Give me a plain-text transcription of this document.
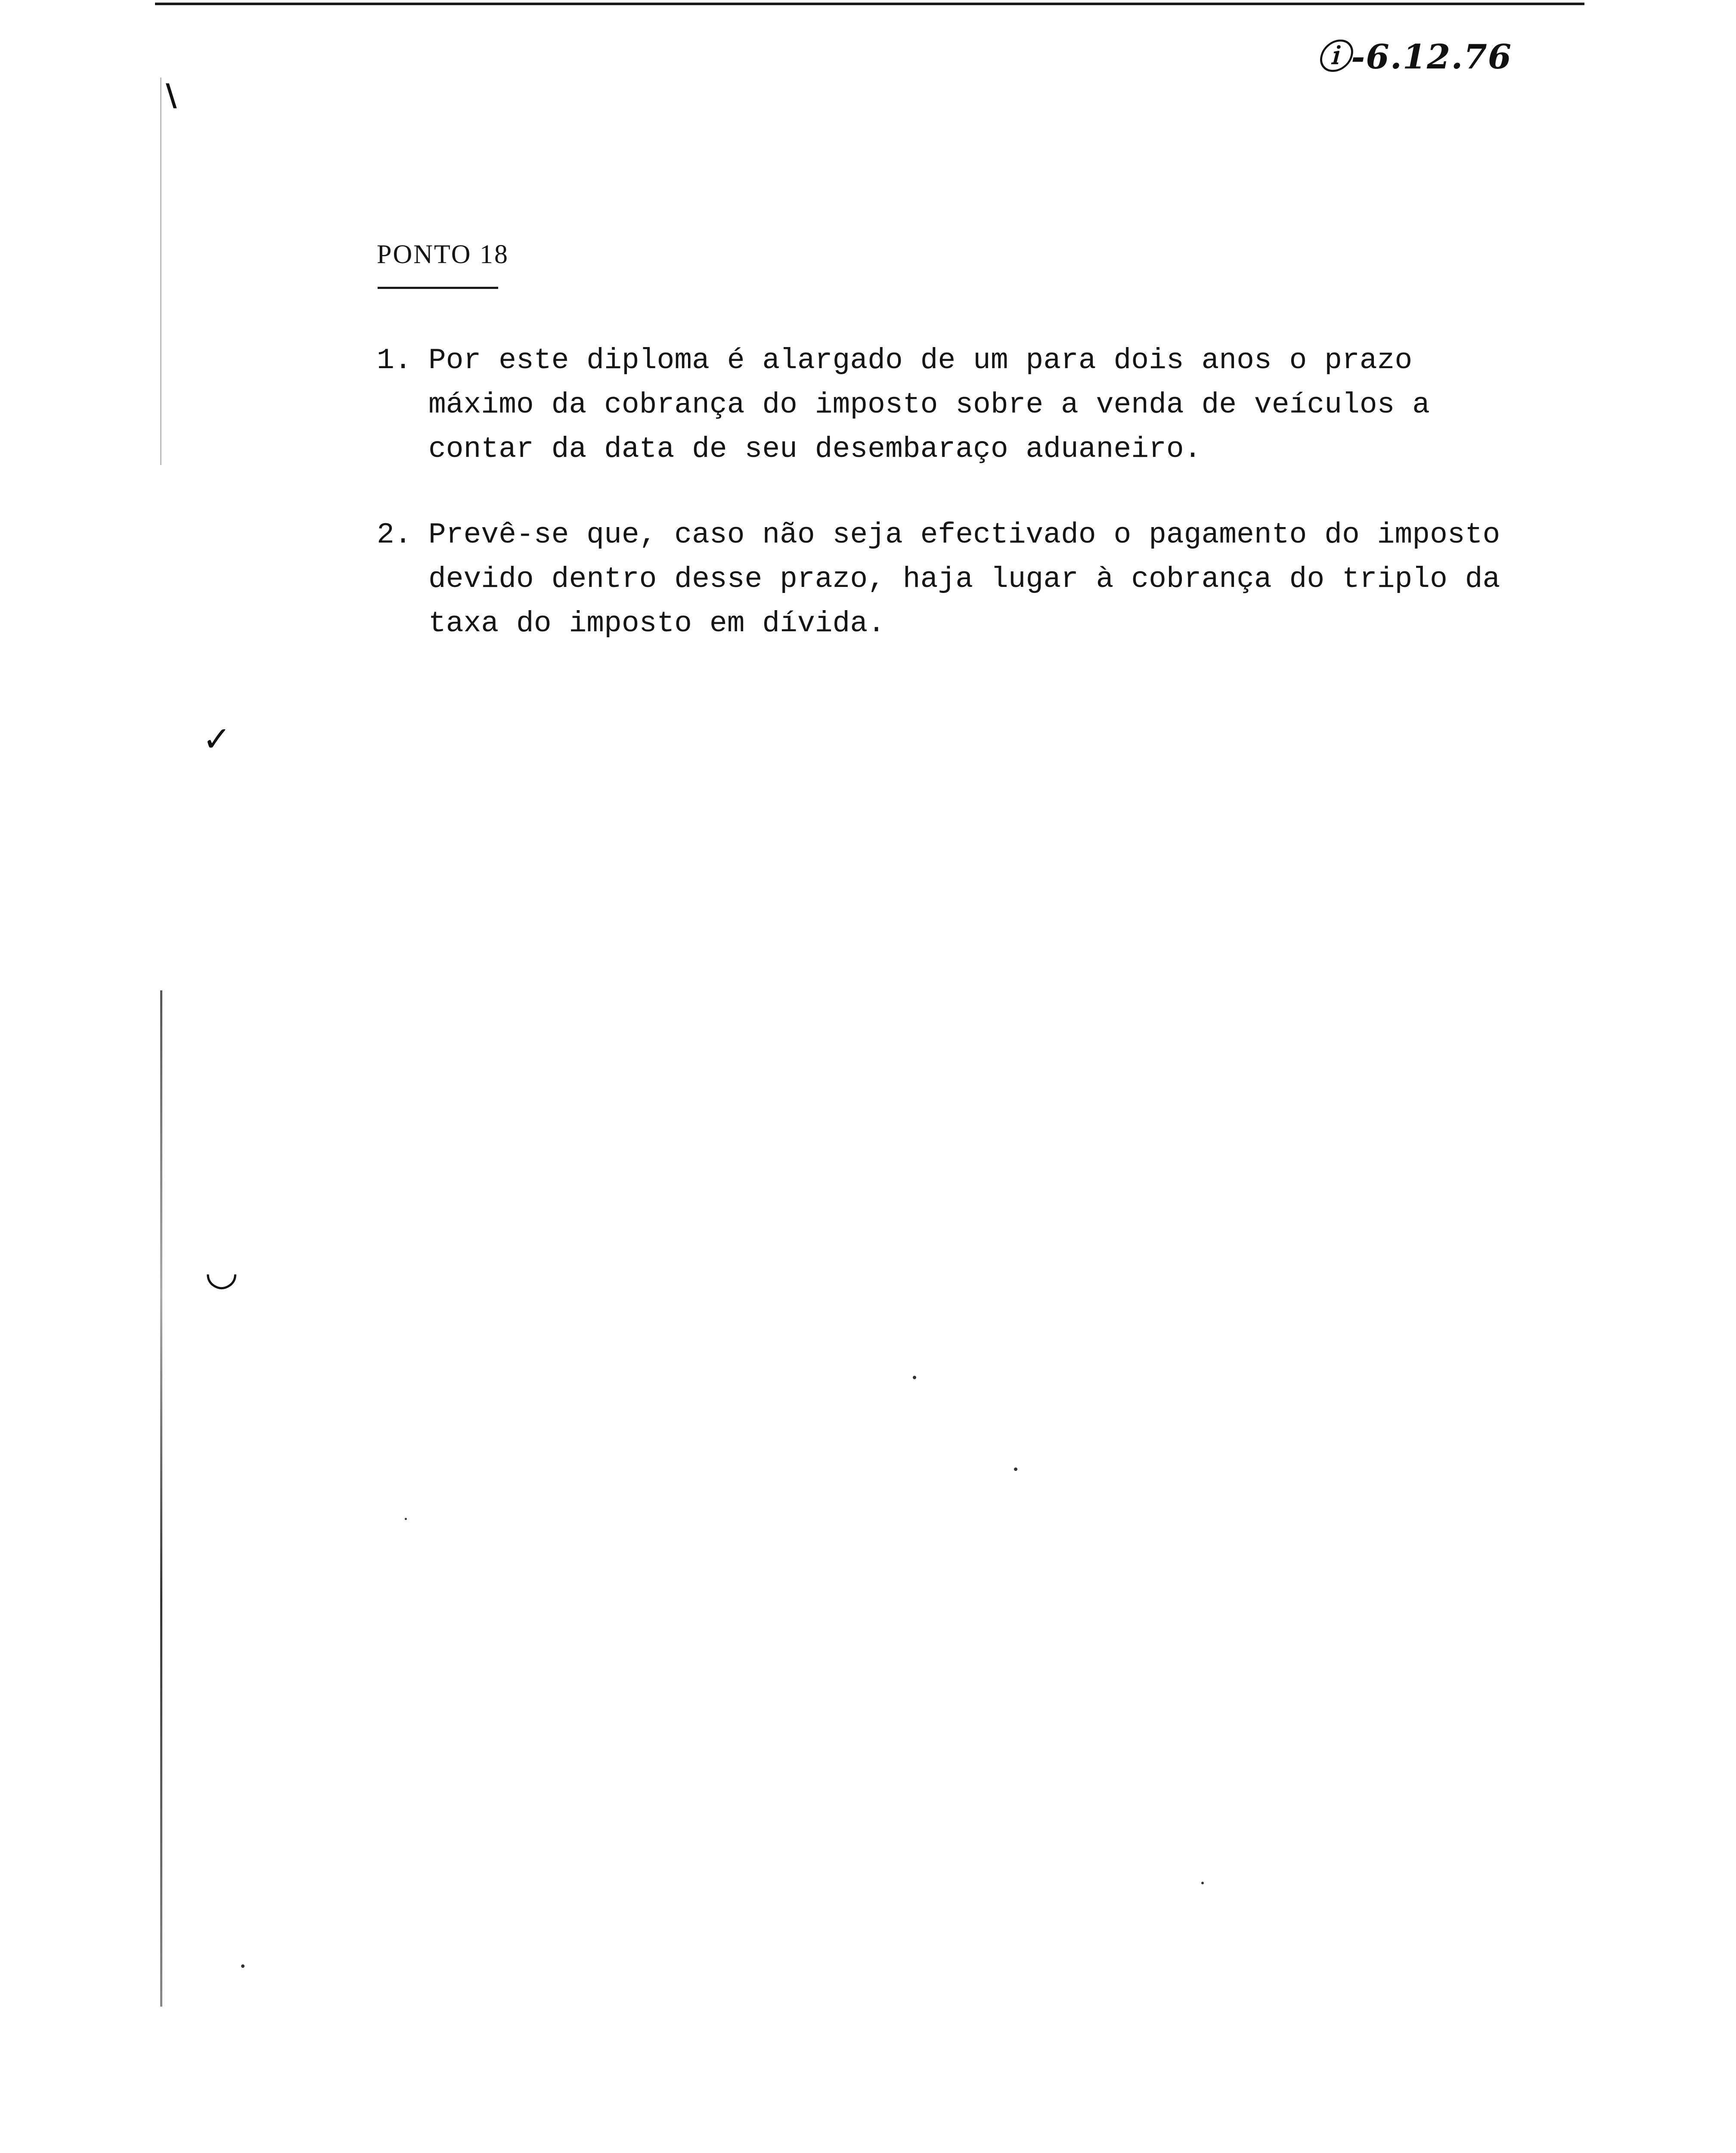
ⓘ-6.12.76
PONTO 18
1. Por este diploma é alargado de um para dois anos o prazo
máximo da cobrança do imposto sobre a venda de veículos a
contar da data de seu desembaraço aduaneiro.
2. Prevê-se que, caso não seja efectivado o pagamento do imposto
devido dentro desse prazo, haja lugar à cobrança do triplo da
taxa do imposto em dívida.
\
✓
◡
